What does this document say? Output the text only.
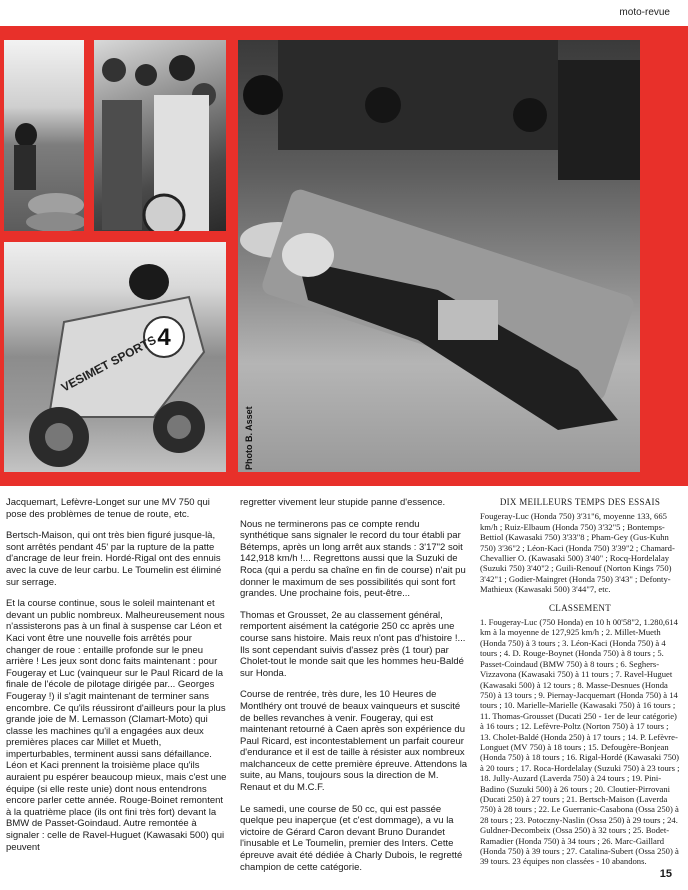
moto-revue
4
VESIMET SPORTS
Photo B. Asset

Jacquemart, Lefèvre-Longet sur une MV 750 qui pose des problèmes de tenue de route, etc.

Bertsch-Maison, qui ont très bien figuré jusque-là, sont arrêtés pendant 45' par la rupture de la patte d'ancrage de leur frein. Hordé-Rigal ont des ennuis avec la cuve de leur carbu. Le Toumelin est éliminé sur serrage.

Et la course continue, sous le soleil maintenant et devant un public nombreux. Malheureusement nous n'assisterons pas à un final à suspense car Léon et Kaci vont être une nouvelle fois arrêtés pour changer de roue : entaille profonde sur le pneu arrière ! Les jeux sont donc faits maintenant : pour Fougeray et Luc (vainqueur sur le Paul Ricard de la finale de l'école de pilotage dirigée par... Georges Fougeray !) il s'agit maintenant de terminer sans encombre. Ce qu'ils réussiront d'ailleurs pour la plus grande joie de M. Lemasson (Clamart-Moto) qui classe les machines qu'il a engagées aux deux premières places car Millet et Mueth, imperturbables, terminent aussi sans défaillance. Léon et Kaci prennent la troisième place qu'ils auraient pu espérer beaucoup mieux, mais c'est une équipe (si elle reste unie) dont nous entendrons encore parler cette année. Rouge-Boinet remontent à la quatrième place (ils ont fini très fort) devant la BMW de Passet-Goindaud. Autre remontée à signaler : celle de Ravel-Huguet (Kawasaki 500) qui peuvent

regretter vivement leur stupide panne d'essence.

Nous ne terminerons pas ce compte rendu synthétique sans signaler le record du tour établi par Bétemps, après un long arrêt aux stands : 3'17"2 soit 142,918 km/h !... Regrettons aussi que la Suzuki de Roca (qui a perdu sa chaîne en fin de course) n'ait pu donner le maximum de ses possibilités qui sont fort grandes. Une prochaine fois, peut-être...

Thomas et Grousset, 2e au classement général, remportent aisément la catégorie 250 cc après une course sans histoire. Mais reux n'ont pas d'histoire !... Ils sont cependant suivis d'assez près (1 tour) par Cholet-tout le monde sait que les hommes heu-Baldé sur Honda.

Course de rentrée, très dure, les 10 Heures de Montlhéry ont trouvé de beaux vainqueurs et suscité de belles revanches à venir. Fougeray, qui est maintenant retourné à Caen après son expérience du Paul Ricard, est incontestablement un parfait coureur d'endurance et il est de taille à résister aux nombreux malchanceux de cette première épreuve. Attendons la suite, au Mans, toujours sous la direction de M. Renaut et du M.C.F.

Le samedi, une course de 50 cc, qui est passée quelque peu inaperçue (et c'est dommage), a vu la victoire de Gérard Caron devant Bruno Durandet l'inusable et Le Toumelin, premier des Inters. Cette épreuve avait été dédiée à Charly Dubois, le regretté champion de cette catégorie.

DIX MEILLEURS TEMPS DES ESSAIS

Fougeray-Luc (Honda 750) 3'31"6, moyenne 133, 665 km/h ; Ruiz-Elbaum (Honda 750) 3'32"5 ; Bontemps-Bettiol (Kawasaki 750) 3'33"8 ; Pham-Gey (Gus-Kuhn 750) 3'36"2 ; Léon-Kaci (Honda 750) 3'39"2 ; Chamard-Chevallier O. (Kawasaki 500) 3'40" ; Rocq-Hordelalay (Suzuki 750) 3'40"2 ; Guili-Renouf (Norton Kings 750) 3'42"1 ; Godier-Maingret (Honda 750) 3'43" ; Defonty-Mathieux (Kawasaki 500) 3'44"7, etc.

CLASSEMENT

1. Fougeray-Luc (750 Honda) en 10 h 00'58"2, 1.280,614 km à la moyenne de 127,925 km/h ; 2. Millet-Mueth (Honda 750) à 3 tours ; 3. Léon-Kaci (Honda 750) à 4 tours ; 4. D. Rouge-Boynet (Honda 750) à 8 tours ; 5. Passet-Coindaud (BMW 750) à 8 tours ; 6. Seghers-Vizzavona (Kawasaki 750) à 11 tours ; 7. Ravel-Huguet (Kawasaki 500) à 12 tours ; 8. Masse-Desnues (Honda 750) à 13 tours ; 9. Piernay-Jacquemart (Honda 750) à 14 tours ; 10. Marielle-Marielle (Kawasaki 750) à 16 tours ; 11. Thomas-Grousset (Ducati 250 - 1er de leur catégorie) à 16 tours ; 12. Lefèvre-Poltz (Norton 750) à 17 tours ; 13. Cholet-Baldé (Honda 250) à 17 tours ; 14. P. Lefèvre-Longuet (MV 750) à 18 tours ; 15. Defougère-Bonjean (Honda 750) à 18 tours ; 16. Rigal-Hordé (Kawasaki 750) à 20 tours ; 17. Roca-Hordelalay (Suzuki 750) à 23 tours ; 18. Jully-Auzard (Laverda 750) à 24 tours ; 19. Pini-Badino (Suzuki 500) à 26 tours ; 20. Cloutier-Pirrovani (Ducati 250) à 27 tours ; 21. Bertsch-Maison (Laverda 750) à 28 tours ; 22. Le Guerranic-Casabona (Ossa 250) à 28 tours ; 23. Potoczny-Naslin (Ossa 250) à 29 tours ; 24. Guldner-Decombeix (Ossa 250) à 32 tours ; 25. Bodet-Ramadier (Honda 750) à 34 tours ; 26. Marc-Gaillard (Honda 750) à 39 tours ; 27. Catalina-Subert (Ossa 250) à 39 tours. 23 équipes non classées - 10 abandons.

15
